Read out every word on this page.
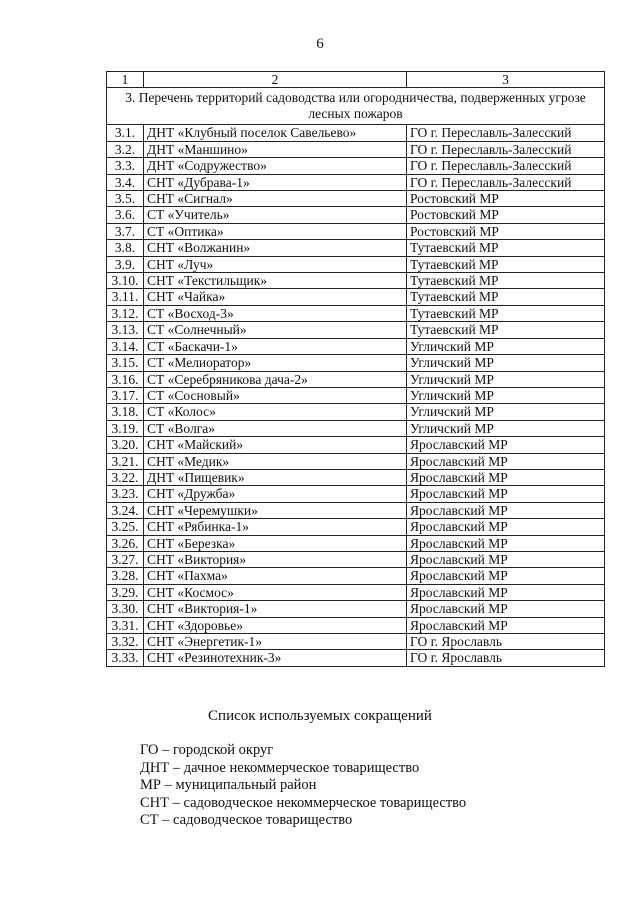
6
1	2	3
3. Перечень территорий садоводства или огородничества, подверженных угрозе лесных пожаров		
3.1.	ДНТ «Клубный поселок Савельево»	ГО г. Переславль-Залесский
3.2.	ДНТ «Маншино»	ГО г. Переславль-Залесский
3.3.	ДНТ «Содружество»	ГО г. Переславль-Залесский
3.4.	СНТ «Дубрава-1»	ГО г. Переславль-Залесский
3.5.	СНТ «Сигнал»	Ростовский МР
3.6.	СТ «Учитель»	Ростовский МР
3.7.	СТ «Оптика»	Ростовский МР
3.8.	СНТ «Волжанин»	Тутаевский МР
3.9.	СНТ «Луч»	Тутаевский МР
3.10.	СНТ «Текстильщик»	Тутаевский МР
3.11.	СНТ «Чайка»	Тутаевский МР
3.12.	СТ «Восход-3»	Тутаевский МР
3.13.	СТ «Солнечный»	Тутаевский МР
3.14.	СТ «Баскачи-1»	Угличский МР
3.15.	СТ «Мелиоратор»	Угличский МР
3.16.	СТ «Серебряникова дача-2»	Угличский МР
3.17.	СТ «Сосновый»	Угличский МР
3.18.	СТ «Колос»	Угличский МР
3.19.	СТ «Волга»	Угличский МР
3.20.	СНТ «Майский»	Ярославский МР
3.21.	СНТ «Медик»	Ярославский МР
3.22.	ДНТ «Пищевик»	Ярославский МР
3.23.	СНТ «Дружба»	Ярославский МР
3.24.	СНТ «Черемушки»	Ярославский МР
3.25.	СНТ «Рябинка-1»	Ярославский МР
3.26.	СНТ «Березка»	Ярославский МР
3.27.	СНТ «Виктория»	Ярославский МР
3.28.	СНТ «Пахма»	Ярославский МР
3.29.	СНТ «Космос»	Ярославский МР
3.30.	СНТ «Виктория-1»	Ярославский МР
3.31.	СНТ «Здоровье»	Ярославский МР
3.32.	СНТ «Энергетик-1»	ГО г. Ярославль
3.33.	СНТ «Резинотехник-3»	ГО г. Ярославль
Список используемых сокращений
ГО – городской округ
ДНТ – дачное некоммерческое товарищество
МР – муниципальный район
СНТ – садоводческое некоммерческое товарищество
СТ – садоводческое товарищество
